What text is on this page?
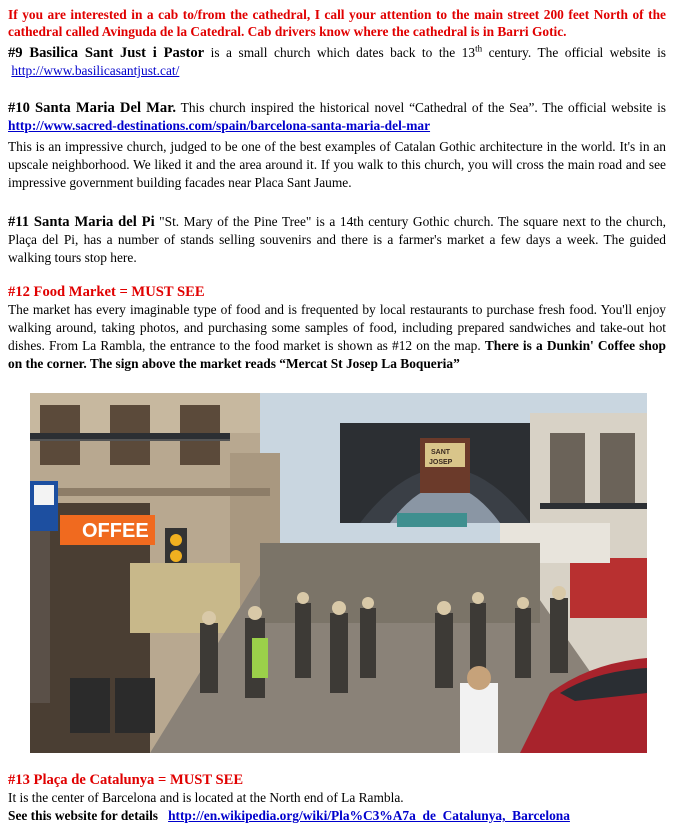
If you are interested in a cab to/from the cathedral, I call your attention to the main street 200 feet North of the cathedral called Avinguda de la Catedral. Cab drivers know where the cathedral is in Barri Gotic.
#9 Basilica Sant Just i Pastor is a small church which dates back to the 13th century. The official website is  http://www.basilicasantjust.cat/
#10 Santa Maria Del Mar. This church inspired the historical novel “Cathedral of the Sea”. The official website is http://www.sacred-destinations.com/spain/barcelona-santa-maria-del-mar
This is an impressive church, judged to be one of the best examples of Catalan Gothic architecture in the world. It's in an upscale neighborhood. We liked it and the area around it. If you walk to this church, you will cross the main road and see impressive government building facades near Placa Sant Jaume.
#11 Santa Maria del Pi "St. Mary of the Pine Tree" is a 14th century Gothic church. The square next to the church, Plaça del Pi, has a number of stands selling souvenirs and there is a farmer's market a few days a week. The guided walking tours stop here.
#12 Food Market = MUST SEE
The market has every imaginable type of food and is frequented by local restaurants to purchase fresh food. You'll enjoy walking around, taking photos, and purchasing some samples of food, including prepared sandwiches and take-out hot dishes. From La Rambla, the entrance to the food market is shown as #12 on the map. There is a Dunkin' Coffee shop on the corner. The sign above the market reads “Mercat St Josep La Boqueria”
OFFEE
SANT
JOSEP
#13 Plaça de Catalunya = MUST SEE
It is the center of Barcelona and is located at the North end of La Rambla.
See this website for details http://en.wikipedia.org/wiki/Pla%C3%A7a_de_Catalunya,_Barcelona
